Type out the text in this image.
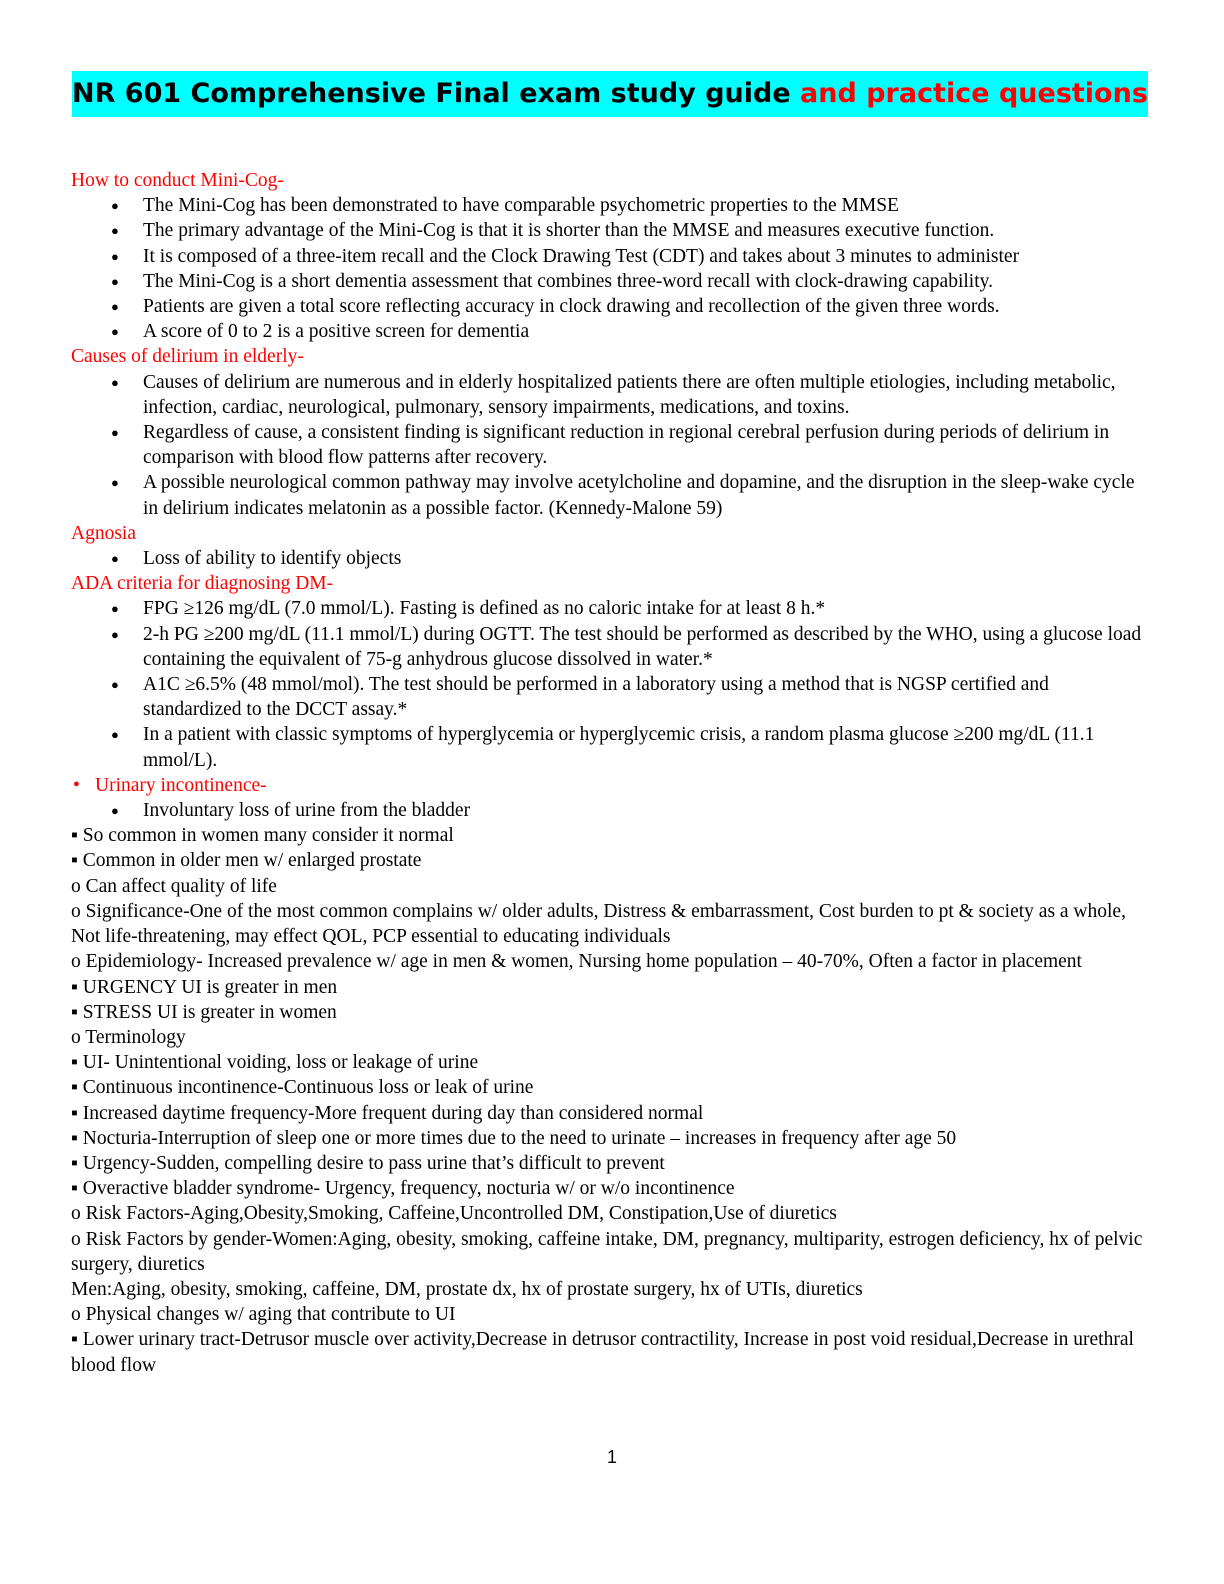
NR 601 Comprehensive Final exam study guide and practice questions
How to conduct Mini-Cog-
● The Mini-Cog has been demonstrated to have comparable psychometric properties to the MMSE
● The primary advantage of the Mini-Cog is that it is shorter than the MMSE and measures executive function.
● It is composed of a three-item recall and the Clock Drawing Test (CDT) and takes about 3 minutes to administer
● The Mini-Cog is a short dementia assessment that combines three-word recall with clock-drawing capability.
● Patients are given a total score reflecting accuracy in clock drawing and recollection of the given three words.
● A score of 0 to 2 is a positive screen for dementia
Causes of delirium in elderly-
● Causes of delirium are numerous and in elderly hospitalized patients there are often multiple etiologies, including metabolic, infection, cardiac, neurological, pulmonary, sensory impairments, medications, and toxins.
● Regardless of cause, a consistent finding is significant reduction in regional cerebral perfusion during periods of delirium in comparison with blood flow patterns after recovery.
● A possible neurological common pathway may involve acetylcholine and dopamine, and the disruption in the sleep-wake cycle in delirium indicates melatonin as a possible factor. (Kennedy-Malone 59)
Agnosia
● Loss of ability to identify objects
ADA criteria for diagnosing DM-
● FPG ≥126 mg/dL (7.0 mmol/L). Fasting is defined as no caloric intake for at least 8 h.*
● 2-h PG ≥200 mg/dL (11.1 mmol/L) during OGTT. The test should be performed as described by the WHO, using a glucose load containing the equivalent of 75-g anhydrous glucose dissolved in water.*
● A1C ≥6.5% (48 mmol/mol). The test should be performed in a laboratory using a method that is NGSP certified and standardized to the DCCT assay.*
● In a patient with classic symptoms of hyperglycemia or hyperglycemic crisis, a random plasma glucose ≥200 mg/dL (11.1 mmol/L).
• Urinary incontinence-
● Involuntary loss of urine from the bladder
▪ So common in women many consider it normal
▪ Common in older men w/ enlarged prostate
o Can affect quality of life
o Significance-One of the most common complains w/ older adults, Distress & embarrassment, Cost burden to pt & society as a whole, Not life-threatening, may effect QOL, PCP essential to educating individuals
o Epidemiology- Increased prevalence w/ age in men & women, Nursing home population – 40-70%, Often a factor in placement
▪ URGENCY UI is greater in men
▪ STRESS UI is greater in women
o Terminology
▪ UI- Unintentional voiding, loss or leakage of urine
▪ Continuous incontinence-Continuous loss or leak of urine
▪ Increased daytime frequency-More frequent during day than considered normal
▪ Nocturia-Interruption of sleep one or more times due to the need to urinate – increases in frequency after age 50
▪ Urgency-Sudden, compelling desire to pass urine that’s difficult to prevent
▪ Overactive bladder syndrome- Urgency, frequency, nocturia w/ or w/o incontinence
o Risk Factors-Aging,Obesity,Smoking, Caffeine,Uncontrolled DM, Constipation,Use of diuretics
o Risk Factors by gender-Women:Aging, obesity, smoking, caffeine intake, DM, pregnancy, multiparity, estrogen deficiency, hx of pelvic surgery, diuretics
Men:Aging, obesity, smoking, caffeine, DM, prostate dx, hx of prostate surgery, hx of UTIs, diuretics
o Physical changes w/ aging that contribute to UI
▪ Lower urinary tract-Detrusor muscle over activity,Decrease in detrusor contractility, Increase in post void residual,Decrease in urethral blood flow
1
